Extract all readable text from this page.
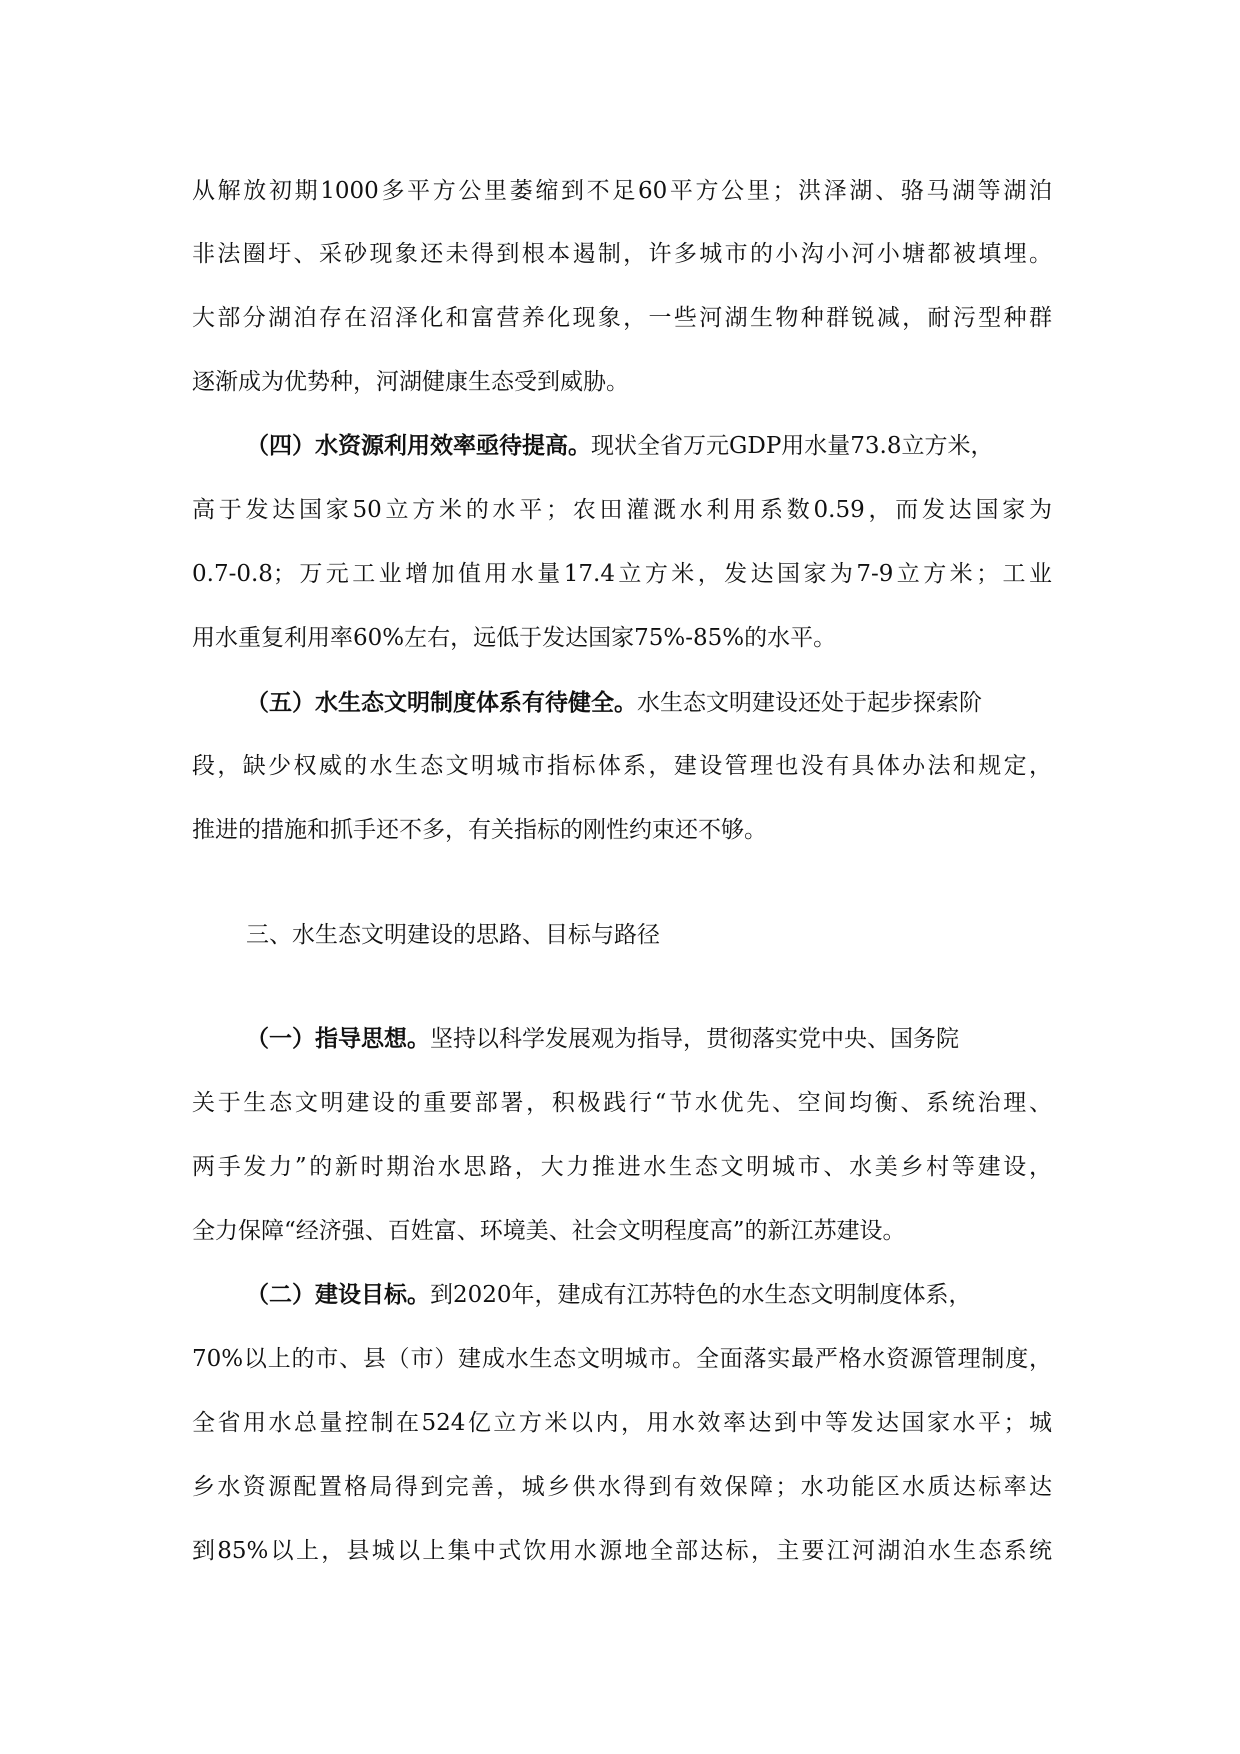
从解放初期1000多平方公里萎缩到不足60平方公里；洪泽湖、骆马湖等湖泊
非法圈圩、采砂现象还未得到根本遏制，许多城市的小沟小河小塘都被填埋。
大部分湖泊存在沼泽化和富营养化现象，一些河湖生物种群锐减，耐污型种群
逐渐成为优势种，河湖健康生态受到威胁。
（四）水资源利用效率亟待提高。现状全省万元GDP用水量73.8立方米，
高于发达国家50立方米的水平；农田灌溉水利用系数0.59，而发达国家为
0.7-0.8；万元工业增加值用水量17.4立方米，发达国家为7-9立方米；工业
用水重复利用率60%左右，远低于发达国家75%-85%的水平。
（五）水生态文明制度体系有待健全。水生态文明建设还处于起步探索阶
段，缺少权威的水生态文明城市指标体系，建设管理也没有具体办法和规定，
推进的措施和抓手还不多，有关指标的刚性约束还不够。
三、水生态文明建设的思路、目标与路径
（一）指导思想。坚持以科学发展观为指导，贯彻落实党中央、国务院
关于生态文明建设的重要部署，积极践行“节水优先、空间均衡、系统治理、
两手发力”的新时期治水思路，大力推进水生态文明城市、水美乡村等建设，
全力保障“经济强、百姓富、环境美、社会文明程度高”的新江苏建设。
（二）建设目标。到2020年，建成有江苏特色的水生态文明制度体系，
70%以上的市、县（市）建成水生态文明城市。全面落实最严格水资源管理制度，
全省用水总量控制在524亿立方米以内，用水效率达到中等发达国家水平；城
乡水资源配置格局得到完善，城乡供水得到有效保障；水功能区水质达标率达
到85%以上，县城以上集中式饮用水源地全部达标，主要江河湖泊水生态系统
